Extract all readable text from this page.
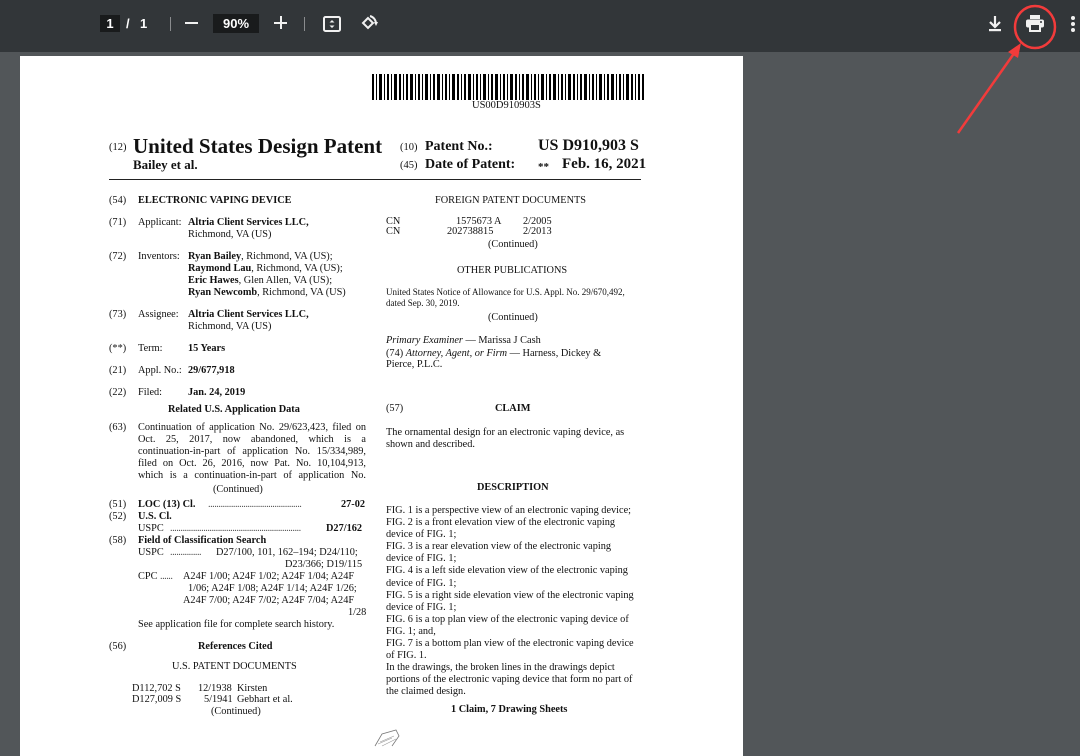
1 / 1	90%
US00D910903S
(12) United States Design Patent
Bailey et al.
(10) Patent No.:	US D910,903 S
(45) Date of Patent: ** Feb. 16, 2021
(54) ELECTRONIC VAPING DEVICE
(71) Applicant: Altria Client Services LLC,
Richmond, VA (US)
(72) Inventors: Ryan Bailey, Richmond, VA (US);
Raymond Lau, Richmond, VA (US);
Eric Hawes, Glen Allen, VA (US);
Ryan Newcomb, Richmond, VA (US)
(73) Assignee: Altria Client Services LLC,
Richmond, VA (US)
(**) Term: 15 Years
(21) Appl. No.: 29/677,918
(22) Filed:	Jan. 24, 2019
Related U.S. Application Data
(63) Continuation of application No. 29/623,423, filed on
Oct. 25, 2017, now abandoned, which is a
continuation-in-part of application No. 15/334,989,
filed on Oct. 26, 2016, now Pat. No. 10,104,913,
which is a continuation-in-part of application No.
(Continued)
(51) LOC (13) Cl. .............................................	27-02
(52) U.S. Cl.
USPC ............................................................... D27/162
(58) Field of Classification Search
USPC ............... D27/100, 101, 162–194; D24/110;
D23/366; D19/115
CPC ...... A24F 1/00; A24F 1/02; A24F 1/04; A24F
1/06; A24F 1/08; A24F 1/14; A24F 1/26;
A24F 7/00; A24F 7/02; A24F 7/04; A24F
1/28
See application file for complete search history.
(56)	References Cited
U.S. PATENT DOCUMENTS
D112,702 S 12/1938 Kirsten
D127,009 S 5/1941 Gebhart et al.
(Continued)
FOREIGN PATENT DOCUMENTS
CN	1575673 A 2/2005
CN	202738815	2/2013
(Continued)
OTHER PUBLICATIONS
United States Notice of Allowance for U.S. Appl. No. 29/670,492,
dated Sep. 30, 2019.
(Continued)
Primary Examiner — Marissa J Cash
(74) Attorney, Agent, or Firm — Harness, Dickey &
Pierce, P.L.C.
(57)	CLAIM
The ornamental design for an electronic vaping device, as
shown and described.
DESCRIPTION
FIG. 1 is a perspective view of an electronic vaping device;
FIG. 2 is a front elevation view of the electronic vaping
device of FIG. 1;
FIG. 3 is a rear elevation view of the electronic vaping
device of FIG. 1;
FIG. 4 is a left side elevation view of the electronic vaping
device of FIG. 1;
FIG. 5 is a right side elevation view of the electronic vaping
device of FIG. 1;
FIG. 6 is a top plan view of the electronic vaping device of
FIG. 1; and,
FIG. 7 is a bottom plan view of the electronic vaping device
of FIG. 1.
In the drawings, the broken lines in the drawings depict
portions of the electronic vaping device that form no part of
the claimed design.
1 Claim, 7 Drawing Sheets
